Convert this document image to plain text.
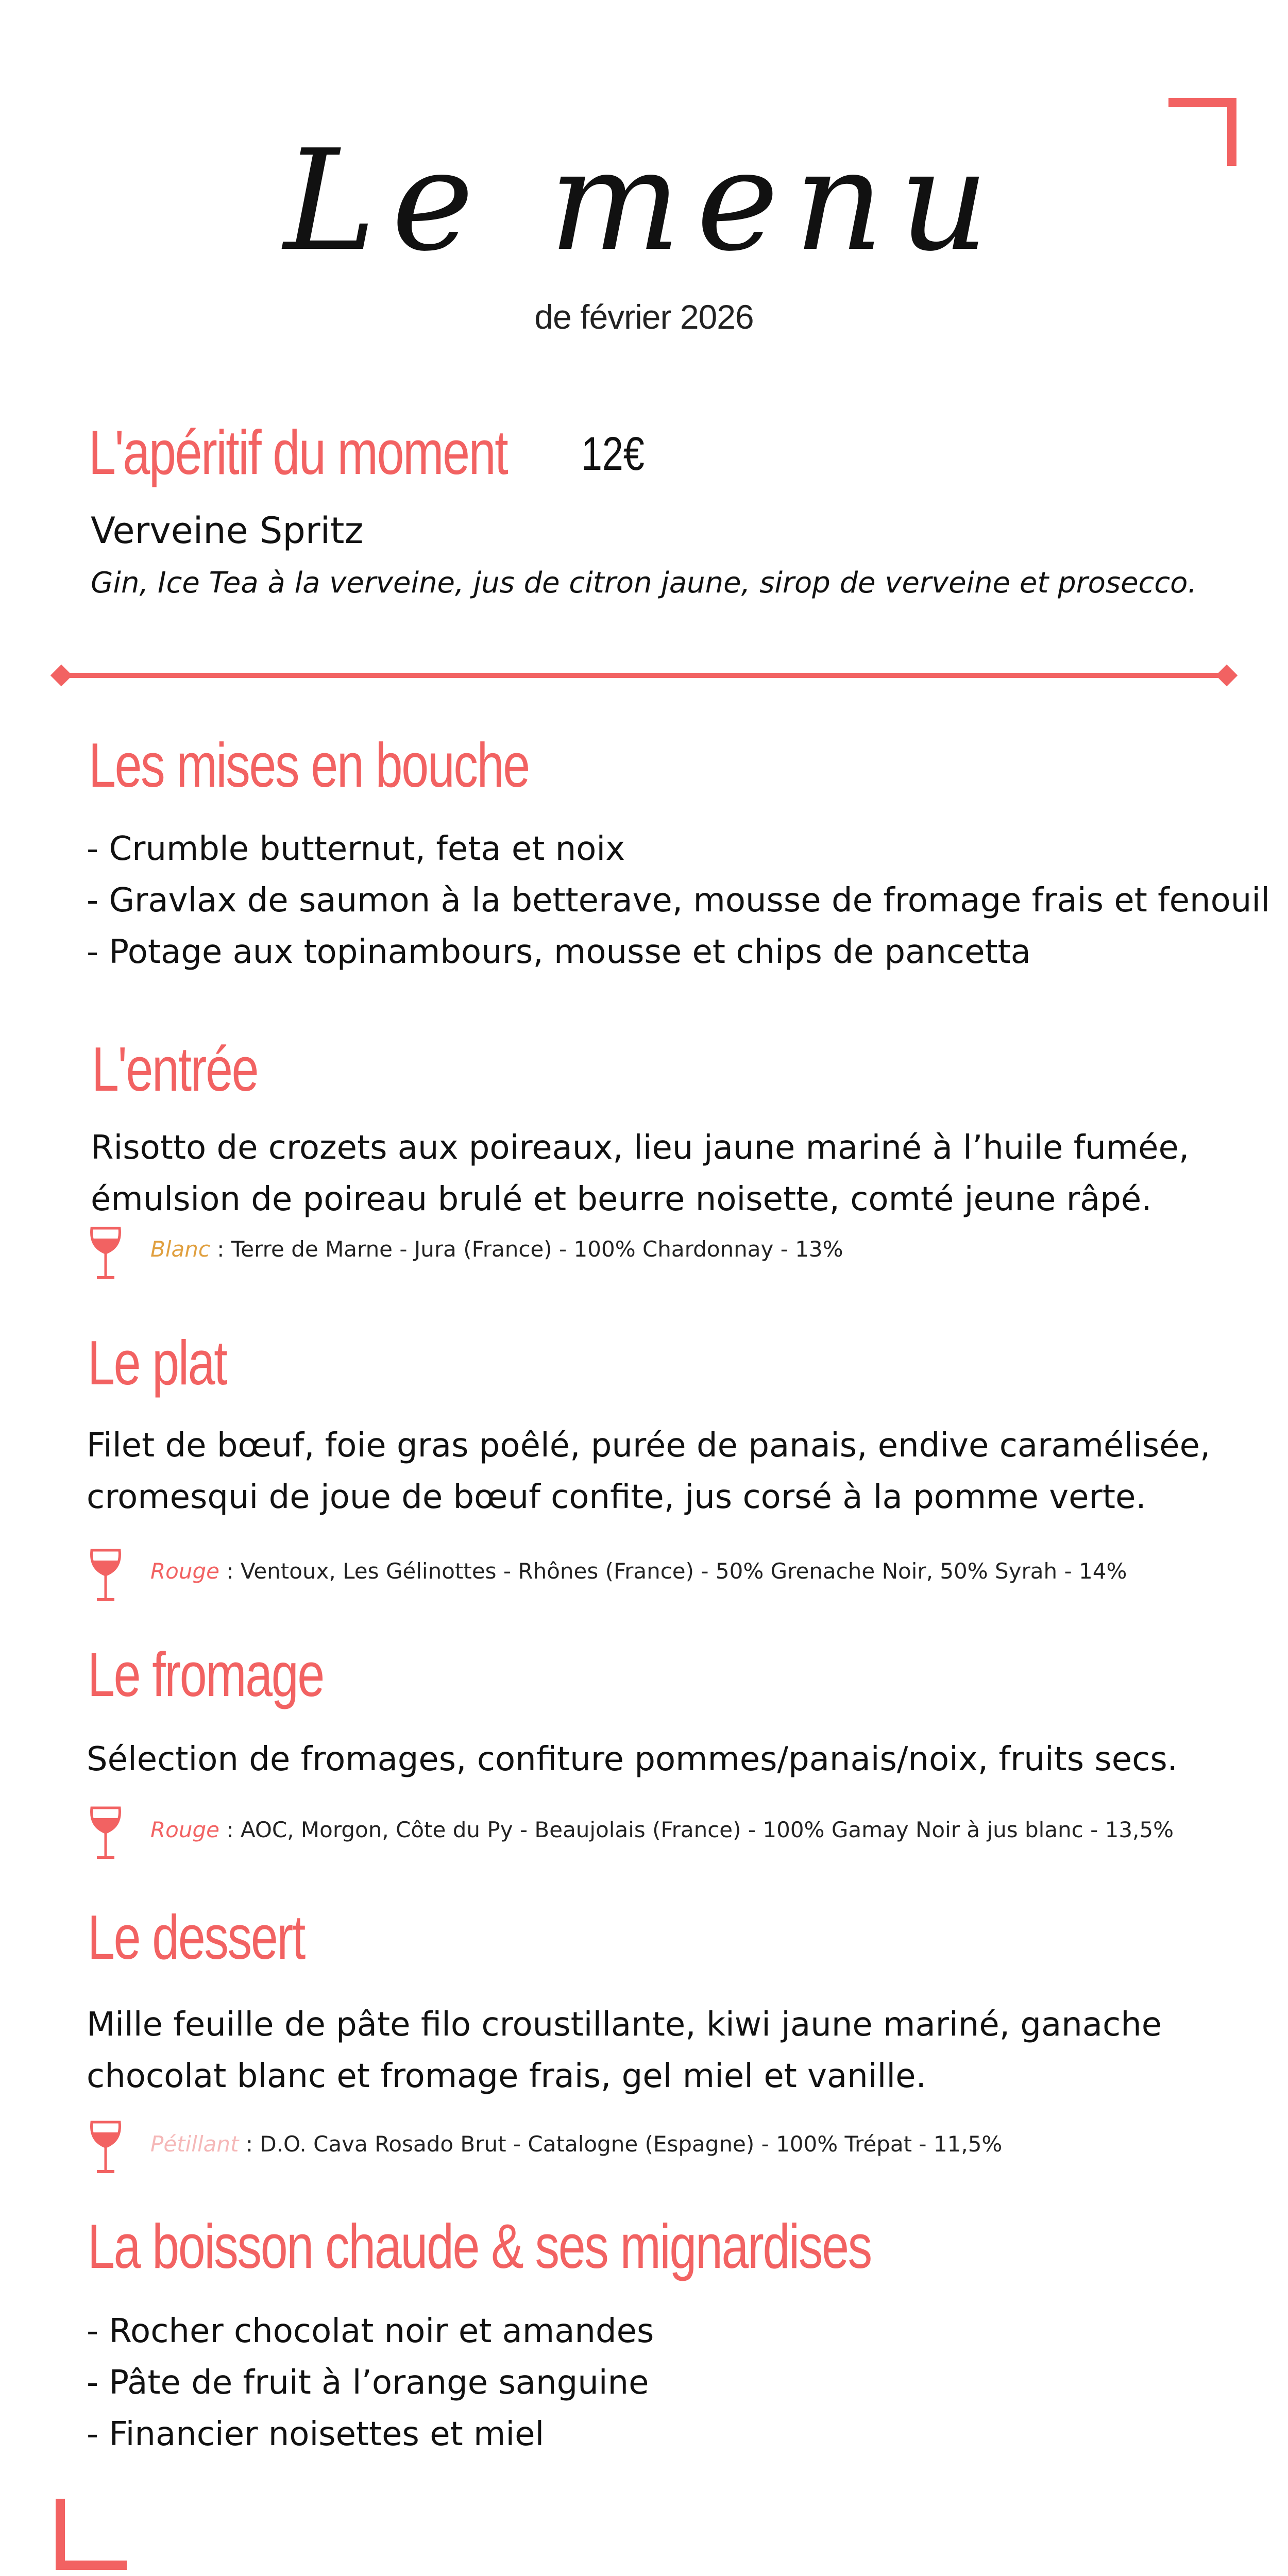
Le menu
de février 2026
L'apéritif du moment 12€
Verveine Spritz
Gin, Ice Tea à la verveine, jus de citron jaune, sirop de verveine et prosecco.
Les mises en bouche
- Crumble butternut, feta et noix
- Gravlax de saumon à la betterave, mousse de fromage frais et fenouil
- Potage aux topinambours, mousse et chips de pancetta
L'entrée
Risotto de crozets aux poireaux, lieu jaune mariné à l’huile fumée,
émulsion de poireau brulé et beurre noisette, comté jeune râpé.
Blanc : Terre de Marne - Jura (France) - 100% Chardonnay - 13%
Le plat
Filet de bœuf, foie gras poêlé, purée de panais, endive caramélisée,
cromesqui de joue de bœuf confite, jus corsé à la pomme verte.
Rouge : Ventoux, Les Gélinottes - Rhônes (France) - 50% Grenache Noir, 50% Syrah - 14%
Le fromage
Sélection de fromages, confiture pommes/panais/noix, fruits secs.
Rouge : AOC, Morgon, Côte du Py - Beaujolais (France) - 100% Gamay Noir à jus blanc - 13,5%
Le dessert
Mille feuille de pâte filo croustillante, kiwi jaune mariné, ganache
chocolat blanc et fromage frais, gel miel et vanille.
Pétillant : D.O. Cava Rosado Brut - Catalogne (Espagne) - 100% Trépat - 11,5%
La boisson chaude & ses mignardises
- Rocher chocolat noir et amandes
- Pâte de fruit à l’orange sanguine
- Financier noisettes et miel
